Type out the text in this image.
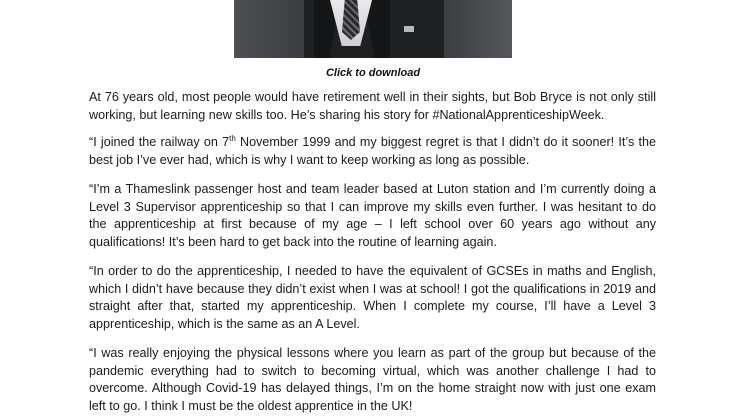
Click to download

At 76 years old, most people would have retirement well in their sights, but Bob Bryce is not only still working, but learning new skills too. He’s sharing his story for #NationalApprenticeshipWeek.

“I joined the railway on 7th November 1999 and my biggest regret is that I didn’t do it sooner! It’s the best job I’ve ever had, which is why I want to keep working as long as possible.

“I’m a Thameslink passenger host and team leader based at Luton station and I’m currently doing a Level 3 Supervisor apprenticeship so that I can improve my skills even further. I was hesitant to do the apprenticeship at first because of my age – I left school over 60 years ago without any qualifications! It’s been hard to get back into the routine of learning again.

“In order to do the apprenticeship, I needed to have the equivalent of GCSEs in maths and English, which I didn’t have because they didn’t exist when I was at school! I got the qualifications in 2019 and straight after that, started my apprenticeship. When I complete my course, I’ll have a Level 3 apprenticeship, which is the same as an A Level.

“I was really enjoying the physical lessons where you learn as part of the group but because of the pandemic everything had to switch to becoming virtual, which was another challenge I had to overcome. Although Covid-19 has delayed things, I’m on the home straight now with just one exam left to go. I think I must be the oldest apprentice in the UK!
